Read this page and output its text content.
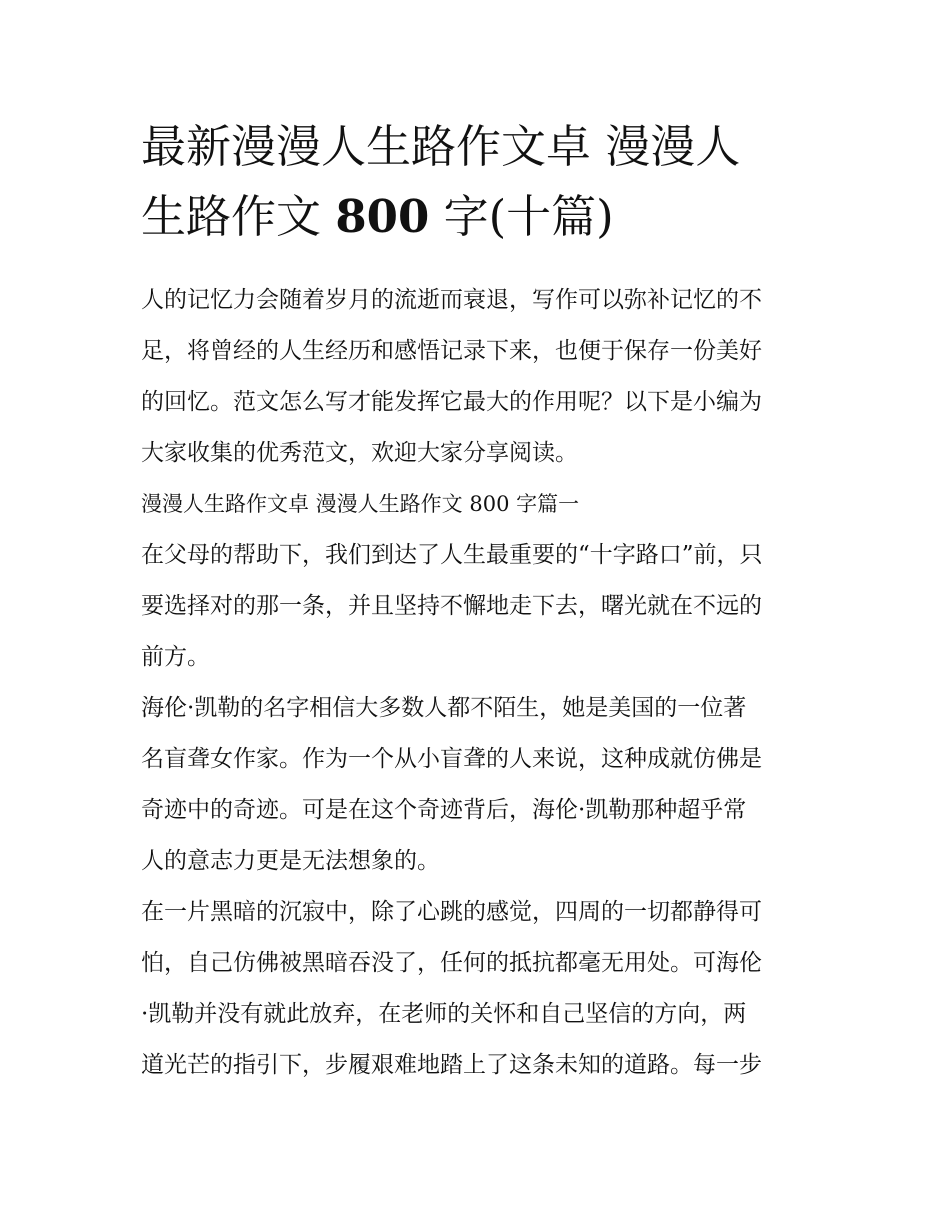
最新漫漫人生路作文卓 漫漫人
生路作文 800 字(十篇)
人的记忆力会随着岁月的流逝而衰退，写作可以弥补记忆的不
足，将曾经的人生经历和感悟记录下来，也便于保存一份美好
的回忆。范文怎么写才能发挥它最大的作用呢？以下是小编为
大家收集的优秀范文，欢迎大家分享阅读。
漫漫人生路作文卓 漫漫人生路作文 800 字篇一
在父母的帮助下，我们到达了人生最重要的“十字路口”前，只
要选择对的那一条，并且坚持不懈地走下去，曙光就在不远的
前方。
海伦·凯勒的名字相信大多数人都不陌生，她是美国的一位著
名盲聋女作家。作为一个从小盲聋的人来说，这种成就仿佛是
奇迹中的奇迹。可是在这个奇迹背后，海伦·凯勒那种超乎常
人的意志力更是无法想象的。
在一片黑暗的沉寂中，除了心跳的感觉，四周的一切都静得可
怕，自己仿佛被黑暗吞没了，任何的抵抗都毫无用处。可海伦
·凯勒并没有就此放弃，在老师的关怀和自己坚信的方向，两
道光芒的指引下，步履艰难地踏上了这条未知的道路。每一步
